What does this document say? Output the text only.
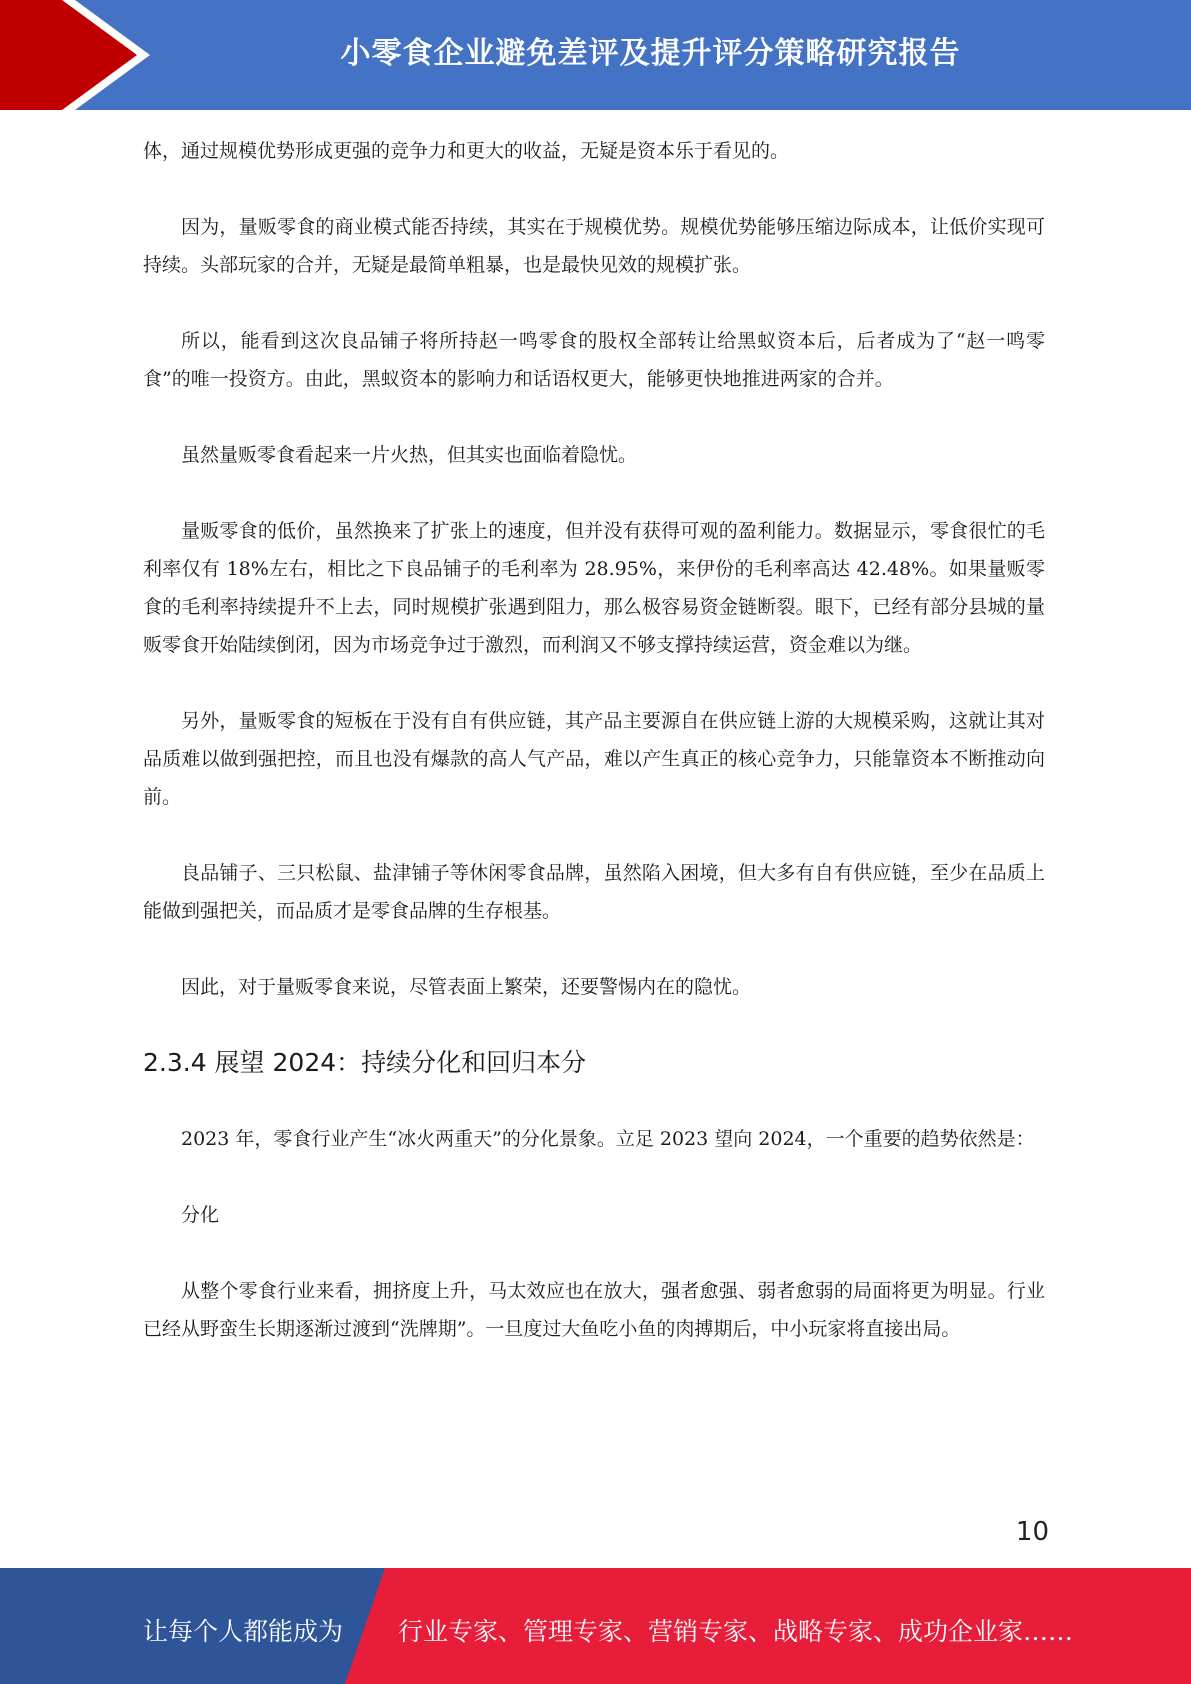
小零食企业避免差评及提升评分策略研究报告

体，通过规模优势形成更强的竞争力和更大的收益，无疑是资本乐于看见的。

因为，量贩零食的商业模式能否持续，其实在于规模优势。规模优势能够压缩边际成本，让低价实现可持续。头部玩家的合并，无疑是最简单粗暴，也是最快见效的规模扩张。

所以，能看到这次良品铺子将所持赵一鸣零食的股权全部转让给黑蚁资本后，后者成为了“赵一鸣零食”的唯一投资方。由此，黑蚁资本的影响力和话语权更大，能够更快地推进两家的合并。

虽然量贩零食看起来一片火热，但其实也面临着隐忧。

量贩零食的低价，虽然换来了扩张上的速度，但并没有获得可观的盈利能力。数据显示，零食很忙的毛利率仅有 18%左右，相比之下良品铺子的毛利率为 28.95%，来伊份的毛利率高达 42.48%。如果量贩零食的毛利率持续提升不上去，同时规模扩张遇到阻力，那么极容易资金链断裂。眼下，已经有部分县城的量贩零食开始陆续倒闭，因为市场竞争过于激烈，而利润又不够支撑持续运营，资金难以为继。

另外，量贩零食的短板在于没有自有供应链，其产品主要源自在供应链上游的大规模采购，这就让其对品质难以做到强把控，而且也没有爆款的高人气产品，难以产生真正的核心竞争力，只能靠资本不断推动向前。

良品铺子、三只松鼠、盐津铺子等休闲零食品牌，虽然陷入困境，但大多有自有供应链，至少在品质上能做到强把关，而品质才是零食品牌的生存根基。

因此，对于量贩零食来说，尽管表面上繁荣，还要警惕内在的隐忧。

2.3.4 展望 2024：持续分化和回归本分

2023 年，零食行业产生“冰火两重天”的分化景象。立足 2023 望向 2024，一个重要的趋势依然是：

分化

从整个零食行业来看，拥挤度上升，马太效应也在放大，强者愈强、弱者愈弱的局面将更为明显。行业已经从野蛮生长期逐渐过渡到“洗牌期”。一旦度过大鱼吃小鱼的肉搏期后，中小玩家将直接出局。

10
让每个人都能成为 行业专家、管理专家、营销专家、战略专家、成功企业家……
